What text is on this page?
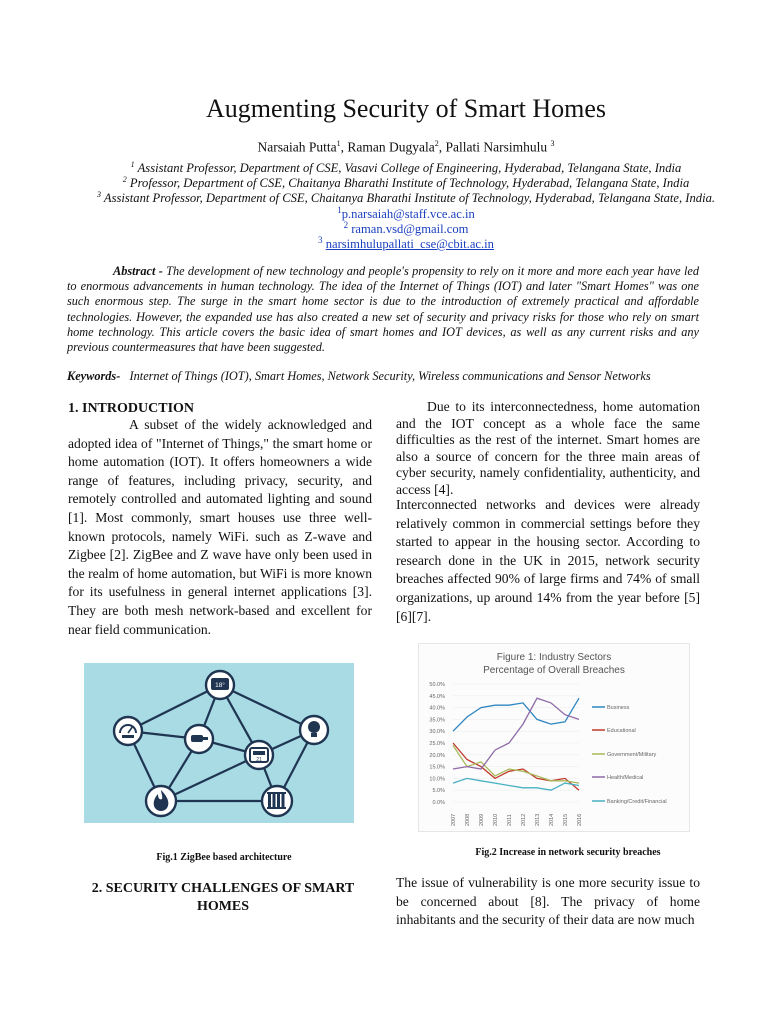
Augmenting Security of Smart Homes
Narsaiah Putta$^1$, Raman Dugyala$^2$, Pallati Narsimhulu $^3$
$^1$ Assistant Professor, Department of CSE, Vasavi College of Engineering, Hyderabad, Telangana State, India
$^2$ Professor, Department of CSE, Chaitanya Bharathi Institute of Technology, Hyderabad, Telangana State, India
$^3$ Assistant Professor, Department of CSE, Chaitanya Bharathi Institute of Technology, Hyderabad, Telangana State, India.
$^1$p.narsaiah@staff.vce.ac.in
$^2$ raman.vsd@gmail.com
$^3$ narsimhulupallati_cse@cbit.ac.in
Abstract - The development of new technology and people's propensity to rely on it more and more each year have led to enormous advancements in human technology. The idea of the Internet of Things (IOT) and later "Smart Homes" was one such enormous step. The surge in the smart home sector is due to the introduction of extremely practical and affordable technologies. However, the expanded use has also created a new set of security and privacy risks for those who rely on smart home technology. This article covers the basic idea of smart homes and IOT devices, as well as any current risks and any previous countermeasures that have been suggested.
Keywords- Internet of Things (IOT), Smart Homes, Network Security, Wireless communications and Sensor Networks
1. INTRODUCTION
A subset of the widely acknowledged and adopted idea of "Internet of Things," the smart home or home automation (IOT). It offers homeowners a wide range of features, including privacy, security, and remotely controlled and automated lighting and sound [1]. Most commonly, smart houses use three well-known protocols, namely WiFi. such as Z-wave and Zigbee [2]. ZigBee and Z wave have only been used in the realm of home automation, but WiFi is more known for its usefulness in general internet applications [3]. They are both mesh network-based and excellent for near field communication.
Due to its interconnectedness, home automation and the IOT concept as a whole face the same difficulties as the rest of the internet. Smart homes are also a source of concern for the three main areas of cyber security, namely confidentiality, authenticity, and access [4].
Interconnected networks and devices were already relatively common in commercial settings before they started to appear in the housing sector. According to research done in the UK in 2015, network security breaches affected 90% of large firms and 74% of small organizations, up around 14% from the year before [5] [6][7].
18°
21
Fig.1 ZigBee based architecture
Figure 1: Industry Sectors
Percentage of Overall Breaches
0.0%
5.0%
10.0%
15.0%
20.0%
25.0%
30.0%
35.0%
40.0%
45.0%
50.0%
2007 2008 2009 2010 2011 2012 2013 2014 2015 2016
Business
Educational
Government/Military
Health/Medical
Banking/Credit/Financial
Fig.2 Increase in network security breaches
2. SECURITY CHALLENGES OF SMART
HOMES
The issue of vulnerability is one more security issue to be concerned about [8]. The privacy of home inhabitants and the security of their data are now much
